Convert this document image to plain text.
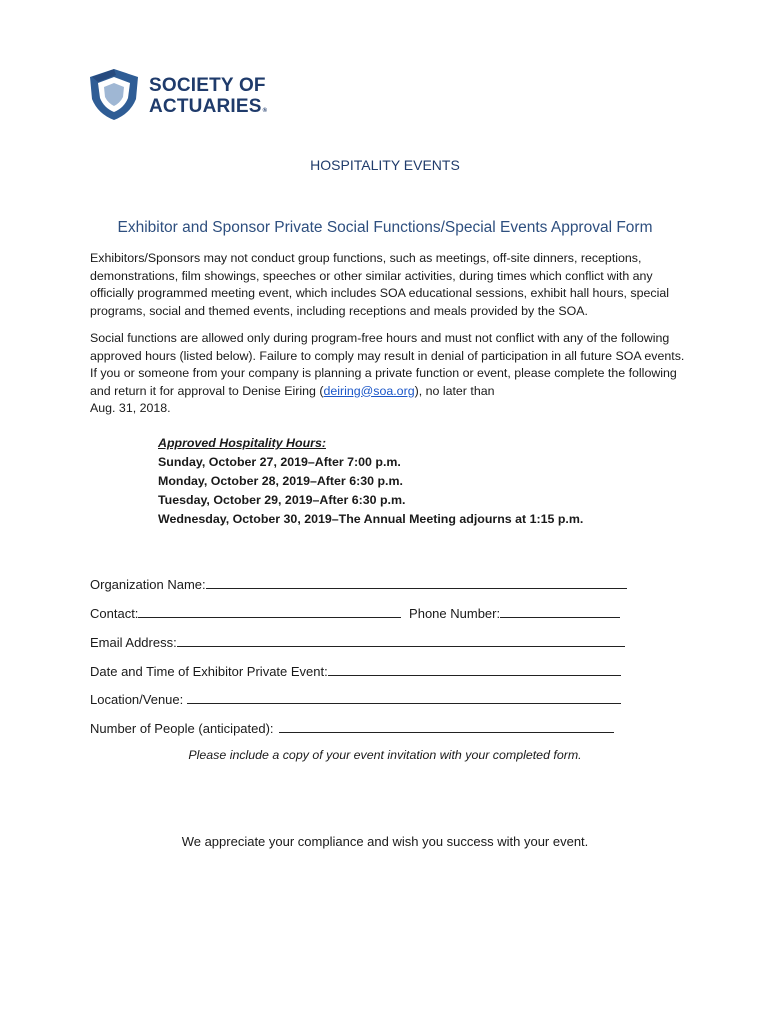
SOCIETY OF
ACTUARIES®
HOSPITALITY EVENTS
Exhibitor and Sponsor Private Social Functions/Special Events Approval Form

Exhibitors/Sponsors may not conduct group functions, such as meetings, off-site dinners, receptions, demonstrations, film showings, speeches or other similar activities, during times which conflict with any officially programmed meeting event, which includes SOA educational sessions, exhibit hall hours, special programs, social and themed events, including receptions and meals provided by the SOA.

Social functions are allowed only during program-free hours and must not conflict with any of the following approved hours (listed below). Failure to comply may result in denial of participation in all future SOA events. If you or someone from your company is planning a private function or event, please complete the following and return it for approval to Denise Eiring (deiring@soa.org), no later than
Aug. 31, 2018.

Approved Hospitality Hours:
Sunday, October 27, 2019–After 7:00 p.m.
Monday, October 28, 2019–After 6:30 p.m.
Tuesday, October 29, 2019–After 6:30 p.m.
Wednesday, October 30, 2019–The Annual Meeting adjourns at 1:15 p.m.
Organization Name:
Contact:	Phone Number:
Email Address:
Date and Time of Exhibitor Private Event:
Location/Venue:
Number of People (anticipated):
Please include a copy of your event invitation with your completed form.
We appreciate your compliance and wish you success with your event.
